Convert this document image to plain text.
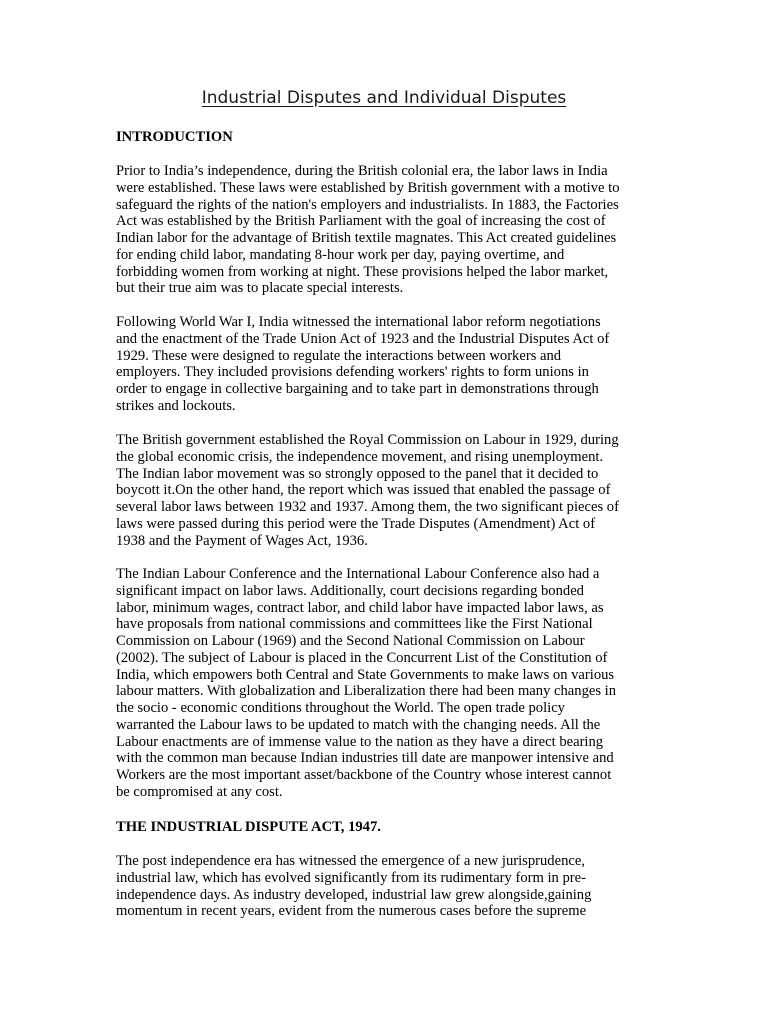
Industrial Disputes and Individual Disputes
INTRODUCTION
Prior to India’s independence, during the British colonial era, the labor laws in India
were established. These laws were established by British government with a motive to
safeguard the rights of the nation's employers and industrialists. In 1883, the Factories
Act was established by the British Parliament with the goal of increasing the cost of
Indian labor for the advantage of British textile magnates. This Act created guidelines
for ending child labor, mandating 8-hour work per day, paying overtime, and
forbidding women from working at night. These provisions helped the labor market,
but their true aim was to placate special interests.
Following World War I, India witnessed the international labor reform negotiations
and the enactment of the Trade Union Act of 1923 and the Industrial Disputes Act of
1929. These were designed to regulate the interactions between workers and
employers. They included provisions defending workers' rights to form unions in
order to engage in collective bargaining and to take part in demonstrations through
strikes and lockouts.
The British government established the Royal Commission on Labour in 1929, during
the global economic crisis, the independence movement, and rising unemployment.
The Indian labor movement was so strongly opposed to the panel that it decided to
boycott it.On the other hand, the report which was issued that enabled the passage of
several labor laws between 1932 and 1937. Among them, the two significant pieces of
laws were passed during this period were the Trade Disputes (Amendment) Act of
1938 and the Payment of Wages Act, 1936.
The Indian Labour Conference and the International Labour Conference also had a
significant impact on labor laws. Additionally, court decisions regarding bonded
labor, minimum wages, contract labor, and child labor have impacted labor laws, as
have proposals from national commissions and committees like the First National
Commission on Labour (1969) and the Second National Commission on Labour
(2002). The subject of Labour is placed in the Concurrent List of the Constitution of
India, which empowers both Central and State Governments to make laws on various
labour matters. With globalization and Liberalization there had been many changes in
the socio - economic conditions throughout the World. The open trade policy
warranted the Labour laws to be updated to match with the changing needs. All the
Labour enactments are of immense value to the nation as they have a direct bearing
with the common man because Indian industries till date are manpower intensive and
Workers are the most important asset/backbone of the Country whose interest cannot
be compromised at any cost.
THE INDUSTRIAL DISPUTE ACT, 1947.
The post independence era has witnessed the emergence of a new jurisprudence,
industrial law, which has evolved significantly from its rudimentary form in pre-
independence days. As industry developed, industrial law grew alongside,gaining
momentum in recent years, evident from the numerous cases before the supreme
